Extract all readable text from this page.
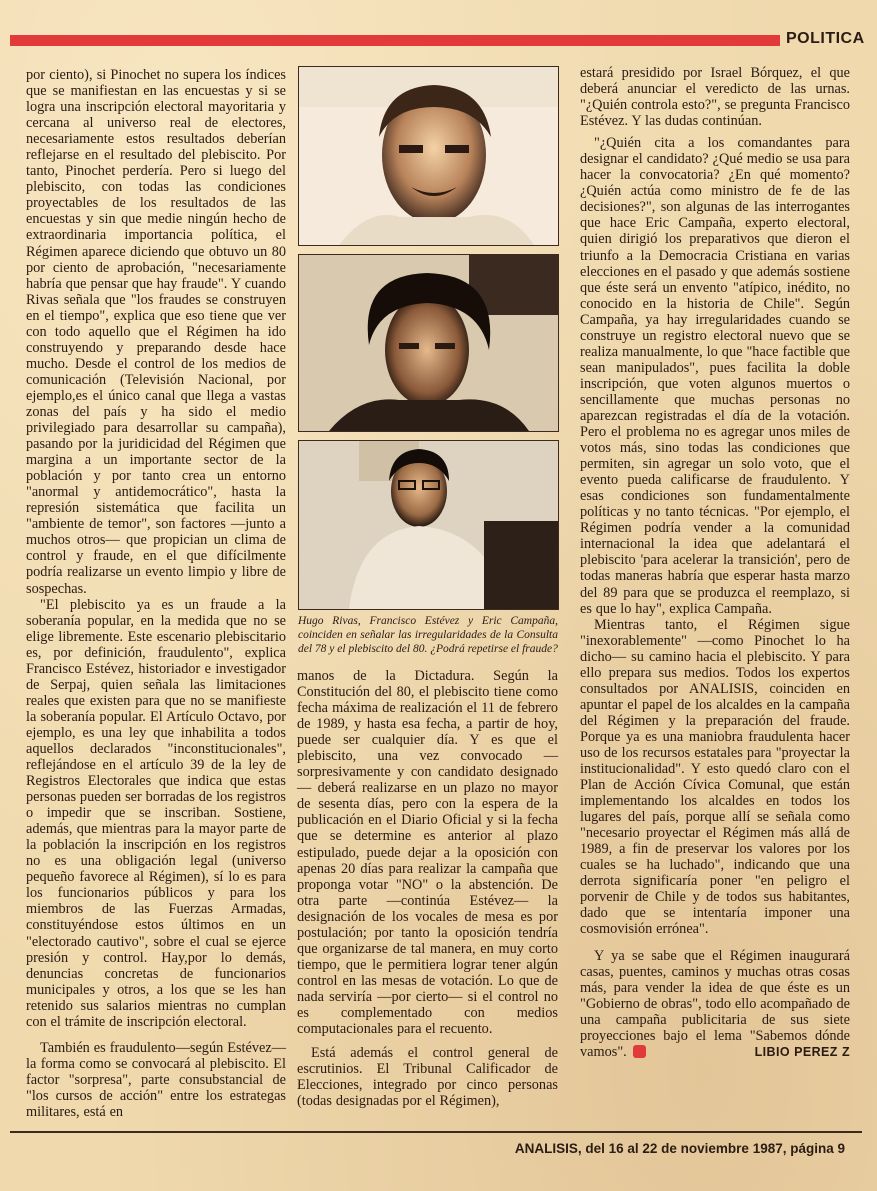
POLITICA

por ciento), si Pinochet no supera los índices que se manifiestan en las encuestas y si se logra una inscripción electoral mayoritaria y cercana al universo real de electores, necesariamente estos resultados deberían reflejarse en el resultado del plebiscito. Por tanto, Pinochet perdería. Pero si luego del plebiscito, con todas las condiciones proyectables de los resultados de las encuestas y sin que medie ningún hecho de extraordinaria importancia política, el Régimen aparece diciendo que obtuvo un 80 por ciento de aprobación, "necesariamente habría que pensar que hay fraude". Y cuando Rivas señala que "los fraudes se construyen en el tiempo", explica que eso tiene que ver con todo aquello que el Régimen ha ido construyendo y preparando desde hace mucho. Desde el control de los medios de comunicación (Televisión Nacional, por ejemplo,es el único canal que llega a vastas zonas del país y ha sido el medio privilegiado para desarrollar su campaña), pasando por la juridicidad del Régimen que margina a un importante sector de la población y por tanto crea un entorno "anormal y antidemocrático", hasta la represión sistemática que facilita un "ambiente de temor", son factores —junto a muchos otros— que propician un clima de control y fraude, en el que difícilmente podría realizarse un evento limpio y libre de sospechas.

"El plebiscito ya es un fraude a la soberanía popular, en la medida que no se elige libremente. Este escenario plebiscitario es, por definición, fraudulento", explica Francisco Estévez, historiador e investigador de Serpaj, quien señala las limitaciones reales que existen para que no se manifieste la soberanía popular. El Artículo Octavo, por ejemplo, es una ley que inhabilita a todos aquellos declarados "inconstitucionales", reflejándose en el artículo 39 de la ley de Registros Electorales que indica que estas personas pueden ser borradas de los registros o impedir que se inscriban. Sostiene, además, que mientras para la mayor parte de la población la inscripción en los registros no es una obligación legal (universo pequeño favorece al Régimen), sí lo es para los funcionarios públicos y para los miembros de las Fuerzas Armadas, constituyéndose estos últimos en un "electorado cautivo", sobre el cual se ejerce presión y control. Hay,por lo demás, denuncias concretas de funcionarios municipales y otros, a los que se les han retenido sus salarios mientras no cumplan con el trámite de inscripción electoral.

También es fraudulento—según Estévez— la forma como se convocará al plebiscito. El factor "sorpresa", parte consubstancial de "los cursos de acción" entre los estrategas militares, está en

Hugo Rivas, Francisco Estévez y Eric Campaña, coinciden en señalar las irregularidades de la Consulta del 78 y el plebiscito del 80. ¿Podrá repetirse el fraude?

manos de la Dictadura. Según la Constitución del 80, el plebiscito tiene como fecha máxima de realización el 11 de febrero de 1989, y hasta esa fecha, a partir de hoy, puede ser cualquier día. Y es que el plebiscito, una vez convocado —sorpresivamente y con candidato designado— deberá realizarse en un plazo no mayor de sesenta días, pero con la espera de la publicación en el Diario Oficial y si la fecha que se determine es anterior al plazo estipulado, puede dejar a la oposición con apenas 20 días para realizar la campaña que proponga votar "NO" o la abstención. De otra parte —continúa Estévez— la designación de los vocales de mesa es por postulación; por tanto la oposición tendría que organizarse de tal manera, en muy corto tiempo, que le permitiera lograr tener algún control en las mesas de votación. Lo que de nada serviría —por cierto— si el control no es complementado con medios computacionales para el recuento.

Está además el control general de escrutinios. El Tribunal Calificador de Elecciones, integrado por cinco personas (todas designadas por el Régimen),

estará presidido por Israel Bórquez, el que deberá anunciar el veredicto de las urnas. "¿Quién controla esto?", se pregunta Francisco Estévez. Y las dudas continúan.

"¿Quién cita a los comandantes para designar el candidato? ¿Qué medio se usa para hacer la convocatoria? ¿En qué momento? ¿Quién actúa como ministro de fe de las decisiones?", son algunas de las interrogantes que hace Eric Campaña, experto electoral, quien dirigió los preparativos que dieron el triunfo a la Democracia Cristiana en varias elecciones en el pasado y que además sostiene que éste será un envento "atípico, inédito, no conocido en la historia de Chile". Según Campaña, ya hay irregularidades cuando se construye un registro electoral nuevo que se realiza manualmente, lo que "hace factible que sean manipulados", pues facilita la doble inscripción, que voten algunos muertos o sencillamente que muchas personas no aparezcan registradas el día de la votación. Pero el problema no es agregar unos miles de votos más, sino todas las condiciones que permiten, sin agregar un solo voto, que el evento pueda calificarse de fraudulento. Y esas condiciones son fundamentalmente políticas y no tanto técnicas. "Por ejemplo, el Régimen podría vender a la comunidad internacional la idea que adelantará el plebiscito 'para acelerar la transición', pero de todas maneras habría que esperar hasta marzo del 89 para que se produzca el reemplazo, si es que lo hay", explica Campaña.

Mientras tanto, el Régimen sigue "inexorablemente" —como Pinochet lo ha dicho— su camino hacia el plebiscito. Y para ello prepara sus medios. Todos los expertos consultados por ANALISIS, coinciden en apuntar el papel de los alcaldes en la campaña del Régimen y la preparación del fraude. Porque ya es una maniobra fraudulenta hacer uso de los recursos estatales para "proyectar la institucionalidad". Y esto quedó claro con el Plan de Acción Cívica Comunal, que están implementando los alcaldes en todos los lugares del país, porque allí se señala como "necesario proyectar el Régimen más allá de 1989, a fin de preservar los valores por los cuales se ha luchado", indicando que una derrota significaría poner "en peligro el porvenir de Chile y de todos sus habitantes, dado que se intentaría imponer una cosmovisión errónea".

Y ya se sabe que el Régimen inaugurará casas, puentes, caminos y muchas otras cosas más, para vender la idea de que éste es un "Gobierno de obras", todo ello acompañado de una campaña publicitaria de sus siete proyecciones bajo el lema "Sabemos dónde vamos".	LIBIO PEREZ Z

ANALISIS, del 16 al 22 de noviembre 1987, página 9
